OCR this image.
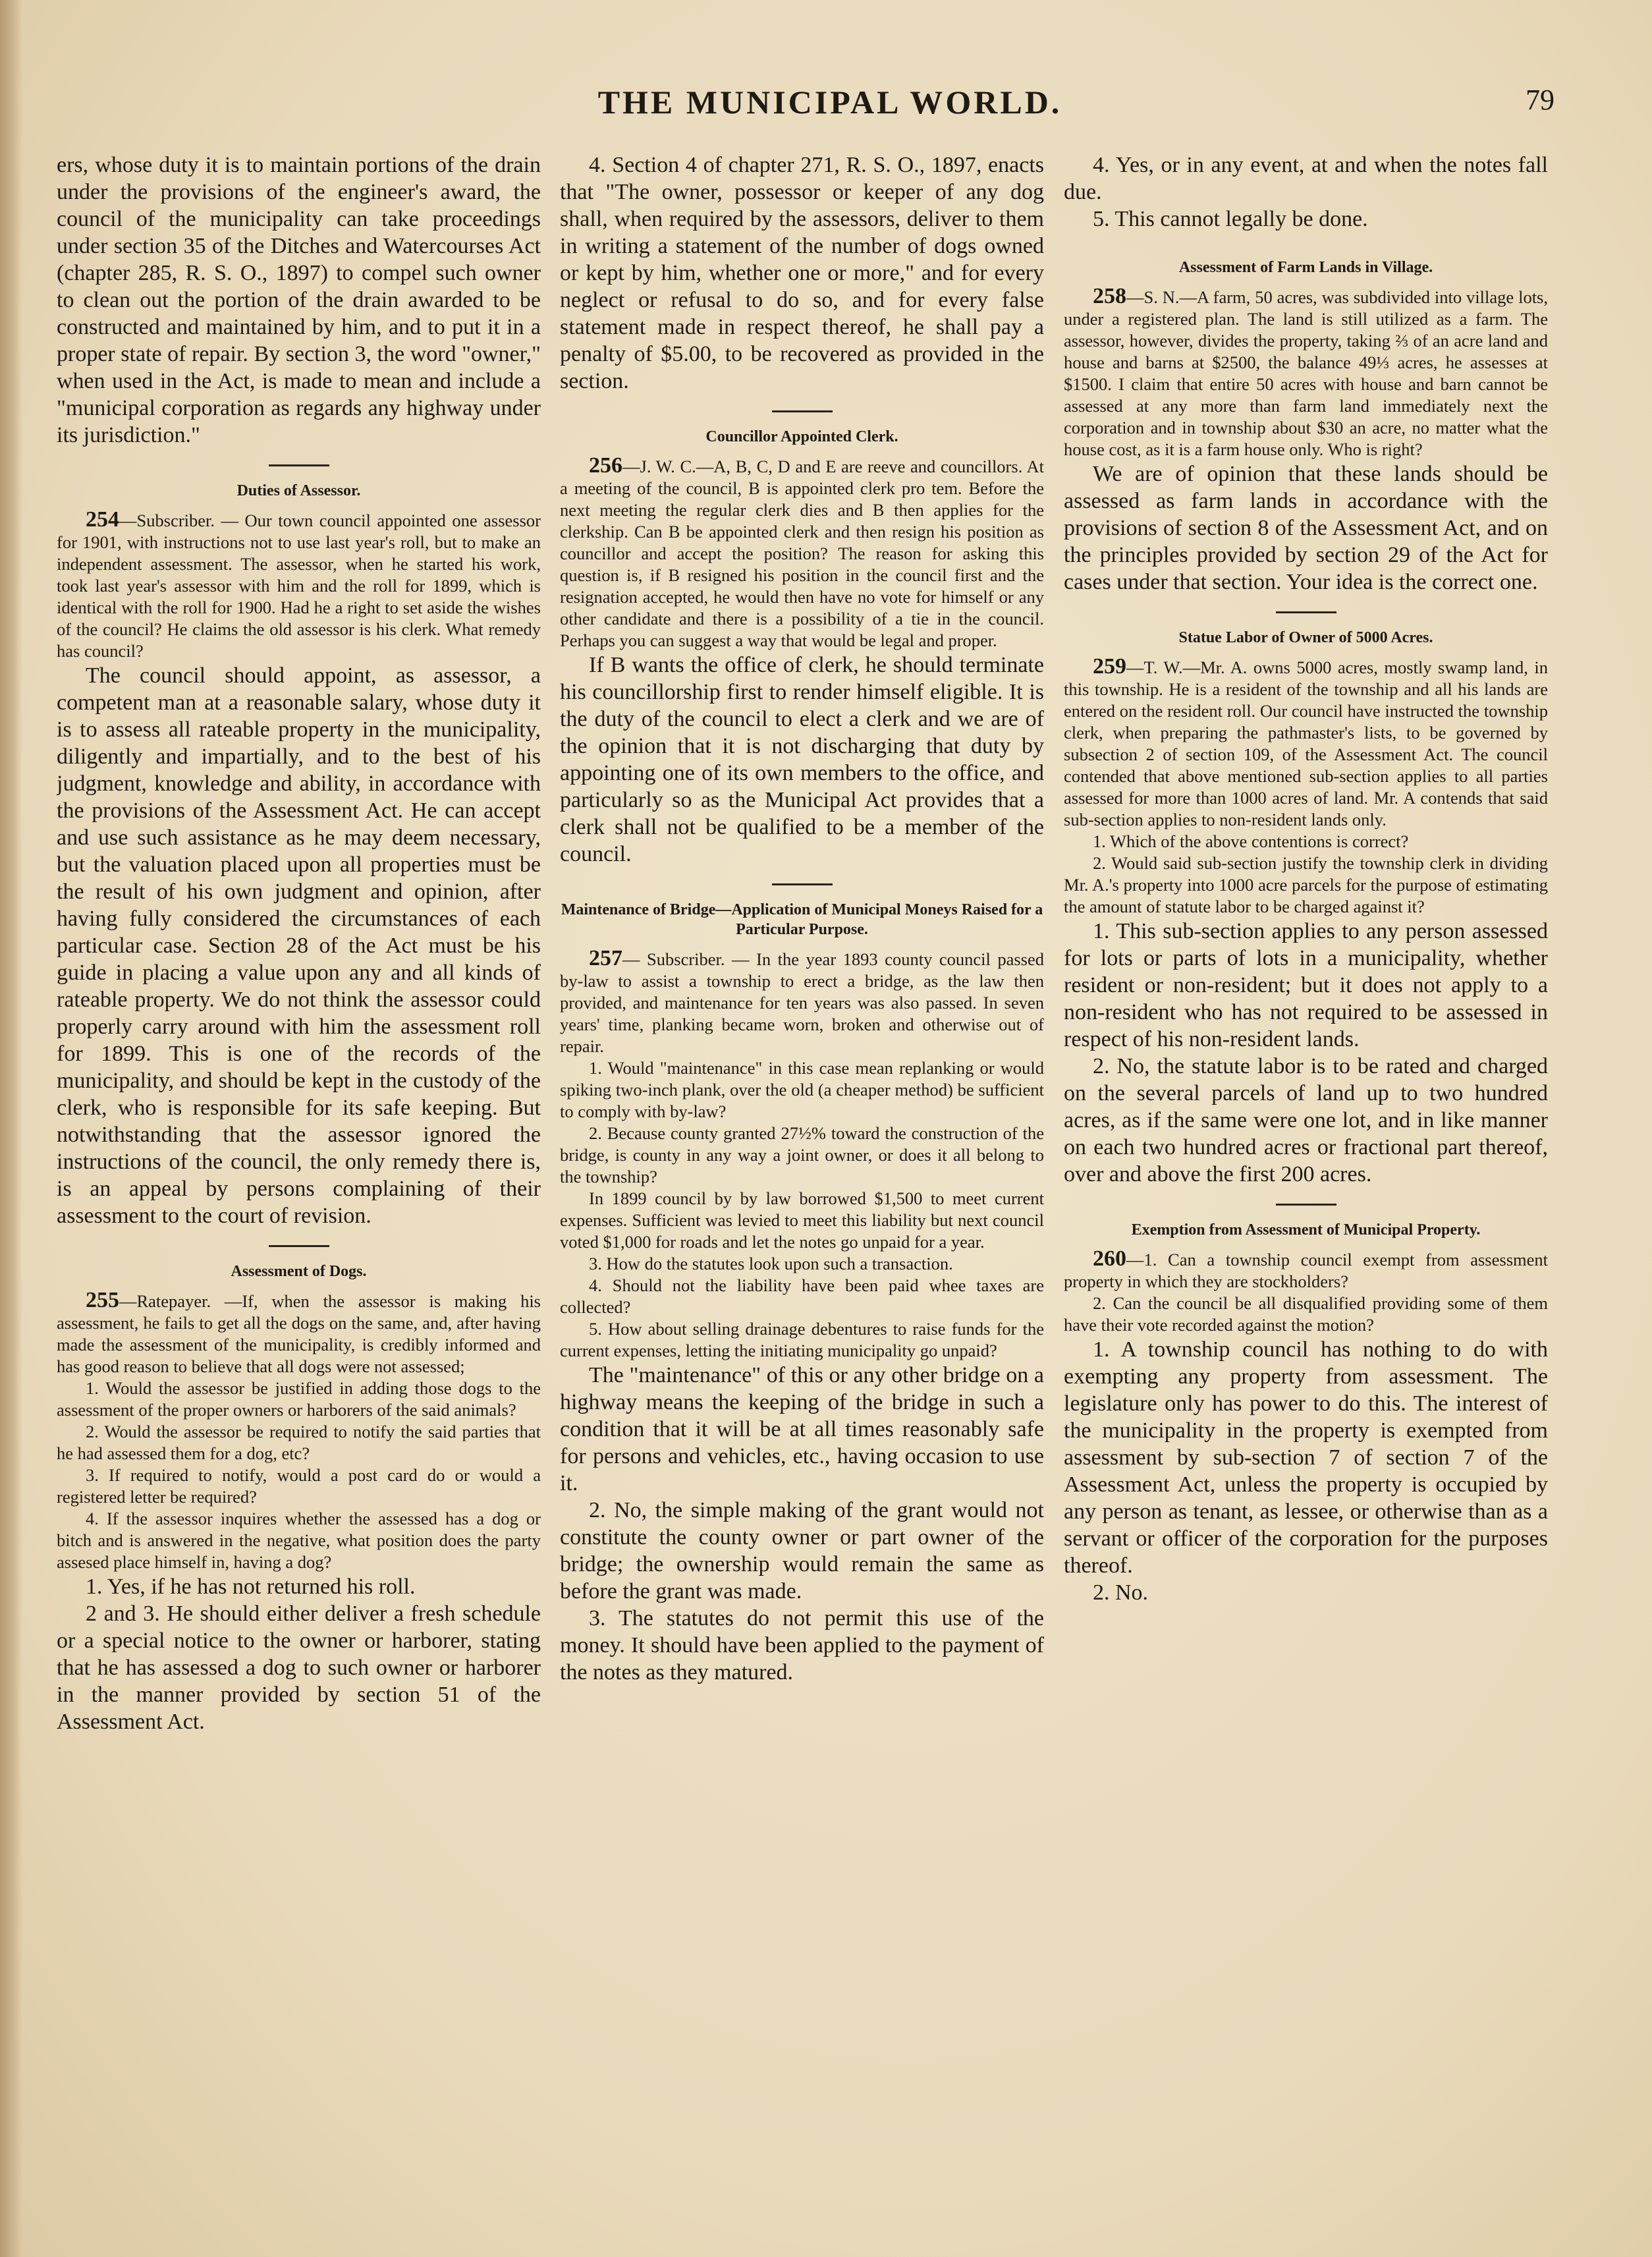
THE MUNICIPAL WORLD.	79

ers, whose duty it is to maintain portions of the drain under the provisions of the engineer's award, the council of the municipality can take proceedings under section 35 of the Ditches and Watercourses Act (chapter 285, R. S. O., 1897) to compel such owner to clean out the portion of the drain awarded to be constructed and maintained by him, and to put it in a proper state of repair. By section 3, the word "owner," when used in the Act, is made to mean and include a "municipal corporation as regards any highway under its jurisdiction."

Duties of Assessor.

254—Subscriber. — Our town council appointed one assessor for 1901, with instructions not to use last year's roll, but to make an independent assessment. The assessor, when he started his work, took last year's assessor with him and the roll for 1899, which is identical with the roll for 1900. Had he a right to set aside the wishes of the council? He claims the old assessor is his clerk. What remedy has council?

The council should appoint, as assessor, a competent man at a reasonable salary, whose duty it is to assess all rateable property in the municipality, diligently and impartially, and to the best of his judgment, knowledge and ability, in accordance with the provisions of the Assessment Act. He can accept and use such assistance as he may deem necessary, but the valuation placed upon all properties must be the result of his own judgment and opinion, after having fully considered the circumstances of each particular case. Section 28 of the Act must be his guide in placing a value upon any and all kinds of rateable property. We do not think the assessor could properly carry around with him the assessment roll for 1899. This is one of the records of the municipality, and should be kept in the custody of the clerk, who is responsible for its safe keeping. But notwithstanding that the assessor ignored the instructions of the council, the only remedy there is, is an appeal by persons complaining of their assessment to the court of revision.

Assessment of Dogs.

255—Ratepayer. —If, when the assessor is making his assessment, he fails to get all the dogs on the same, and, after having made the assessment of the municipality, is credibly informed and has good reason to believe that all dogs were not assessed;

1. Would the assessor be justified in adding those dogs to the assessment of the proper owners or harborers of the said animals?

2. Would the assessor be required to notify the said parties that he had assessed them for a dog, etc?

3. If required to notify, would a post card do or would a registered letter be required?

4. If the assessor inquires whether the assessed has a dog or bitch and is answered in the negative, what position does the party assesed place himself in, having a dog?

1. Yes, if he has not returned his roll.

2 and 3. He should either deliver a fresh schedule or a special notice to the owner or harborer, stating that he has assessed a dog to such owner or harborer in the manner provided by section 51 of the Assessment Act.

4. Section 4 of chapter 271, R. S. O., 1897, enacts that "The owner, possessor or keeper of any dog shall, when required by the assessors, deliver to them in writing a statement of the number of dogs owned or kept by him, whether one or more," and for every neglect or refusal to do so, and for every false statement made in respect thereof, he shall pay a penalty of $5.00, to be recovered as provided in the section.

Councillor Appointed Clerk.

256—J. W. C.—A, B, C, D and E are reeve and councillors. At a meeting of the council, B is appointed clerk pro tem. Before the next meeting the regular clerk dies and B then applies for the clerkship. Can B be appointed clerk and then resign his position as councillor and accept the position? The reason for asking this question is, if B resigned his position in the council first and the resignation accepted, he would then have no vote for himself or any other candidate and there is a possibility of a tie in the council. Perhaps you can suggest a way that would be legal and proper.

If B wants the office of clerk, he should terminate his councillorship first to render himself eligible. It is the duty of the council to elect a clerk and we are of the opinion that it is not discharging that duty by appointing one of its own members to the office, and particularly so as the Municipal Act provides that a clerk shall not be qualified to be a member of the council.

Maintenance of Bridge—Application of Municipal Moneys Raised for a Particular Purpose.

257— Subscriber. — In the year 1893 county council passed by-law to assist a township to erect a bridge, as the law then provided, and maintenance for ten years was also passed. In seven years' time, planking became worn, broken and otherwise out of repair.

1. Would "maintenance" in this case mean replanking or would spiking two-inch plank, over the old (a cheaper method) be sufficient to comply with by-law?

2. Because county granted 27½% toward the construction of the bridge, is county in any way a joint owner, or does it all belong to the township?

In 1899 council by by law borrowed $1,500 to meet current expenses. Sufficient was levied to meet this liability but next council voted $1,000 for roads and let the notes go unpaid for a year.

3. How do the statutes look upon such a transaction.

4. Should not the liability have been paid whee taxes are collected?

5. How about selling drainage debentures to raise funds for the current expenses, letting the initiating municipality go unpaid?

The "maintenance" of this or any other bridge on a highway means the keeping of the bridge in such a condition that it will be at all times reasonably safe for persons and vehicles, etc., having occasion to use it.

2. No, the simple making of the grant would not constitute the county owner or part owner of the bridge; the ownership would remain the same as before the grant was made.

3. The statutes do not permit this use of the money. It should have been applied to the payment of the notes as they matured.

4. Yes, or in any event, at and when the notes fall due.

5. This cannot legally be done.

Assessment of Farm Lands in Village.

258—S. N.—A farm, 50 acres, was subdivided into village lots, under a registered plan. The land is still utilized as a farm. The assessor, however, divides the property, taking ⅔ of an acre land and house and barns at $2500, the balance 49⅓ acres, he assesses at $1500. I claim that entire 50 acres with house and barn cannot be assessed at any more than farm land immediately next the corporation and in township about $30 an acre, no matter what the house cost, as it is a farm house only. Who is right?

We are of opinion that these lands should be assessed as farm lands in accordance with the provisions of section 8 of the Assessment Act, and on the principles provided by section 29 of the Act for cases under that section. Your idea is the correct one.

Statue Labor of Owner of 5000 Acres.

259—T. W.—Mr. A. owns 5000 acres, mostly swamp land, in this township. He is a resident of the township and all his lands are entered on the resident roll. Our council have instructed the township clerk, when preparing the pathmaster's lists, to be governed by subsection 2 of section 109, of the Assessment Act. The council contended that above mentioned sub-section applies to all parties assessed for more than 1000 acres of land. Mr. A contends that said sub-section applies to non-resident lands only.

1. Which of the above contentions is correct?

2. Would said sub-section justify the township clerk in dividing Mr. A.'s property into 1000 acre parcels for the purpose of estimating the amount of statute labor to be charged against it?

1. This sub-section applies to any person assessed for lots or parts of lots in a municipality, whether resident or non-resident; but it does not apply to a non-resident who has not required to be assessed in respect of his non-resident lands.

2. No, the statute labor is to be rated and charged on the several parcels of land up to two hundred acres, as if the same were one lot, and in like manner on each two hundred acres or fractional part thereof, over and above the first 200 acres.

Exemption from Assessment of Municipal Property.

260—1. Can a township council exempt from assessment property in which they are stockholders?

2. Can the council be all disqualified providing some of them have their vote recorded against the motion?

1. A township council has nothing to do with exempting any property from assessment. The legislature only has power to do this. The interest of the municipality in the property is exempted from assessment by sub-section 7 of section 7 of the Assessment Act, unless the property is occupied by any person as tenant, as lessee, or otherwise than as a servant or officer of the corporation for the purposes thereof.

2. No.
